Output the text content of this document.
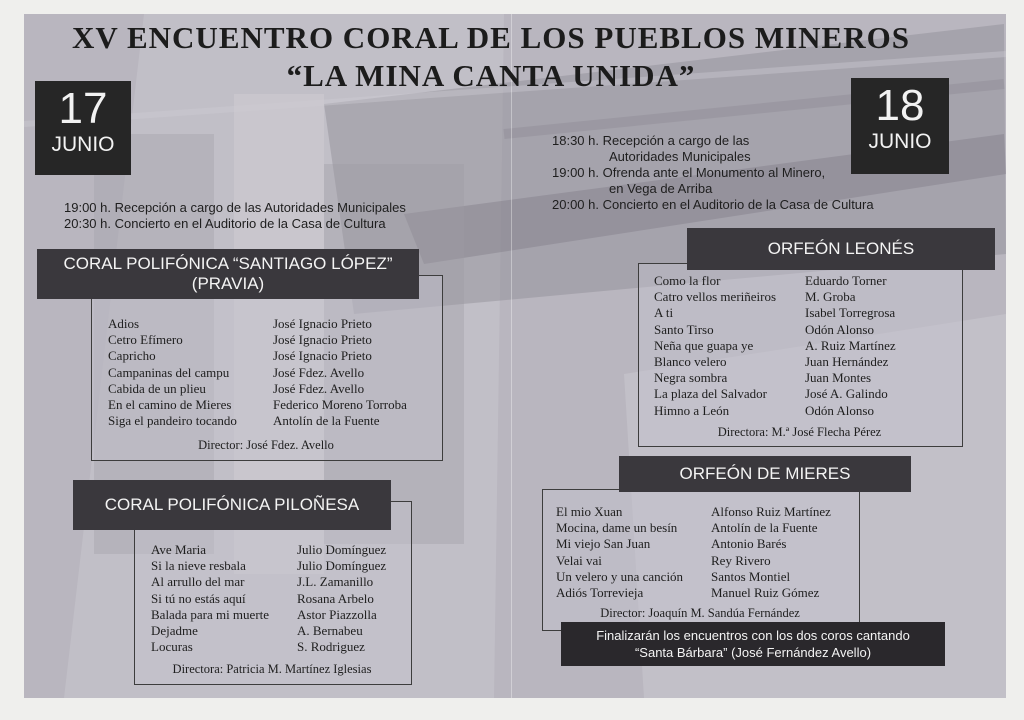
XV ENCUENTRO CORAL DE LOS PUEBLOS MINEROS
“LA MINA CANTA UNIDA”
17
JUNIO
19:00 h. Recepción a cargo de las Autoridades Municipales
20:30 h. Concierto en el Auditorio de la Casa de Cultura
18
JUNIO
18:30 h. Recepción a cargo de las
Autoridades Municipales
19:00 h. Ofrenda ante el Monumento al Minero,
en Vega de Arriba
20:00 h. Concierto en el Auditorio de la Casa de Cultura
CORAL POLIFÓNICA “SANTIAGO LÓPEZ”
(PRAVIA)
Adios
Cetro Efímero
Capricho
Campaninas del campu
Cabida de un plieu
En el camino de Mieres
Siga el pandeiro tocando
José Ignacio Prieto
José Ignacio Prieto
José Ignacio Prieto
José Fdez. Avello
José Fdez. Avello
Federico Moreno Torroba
Antolín de la Fuente
Director: José Fdez. Avello
CORAL POLIFÓNICA PILOÑESA
Ave Maria
Si la nieve resbala
Al arrullo del mar
Si tú no estás aquí
Balada para mi muerte
Dejadme
Locuras
Julio Domínguez
Julio Domínguez
J.L. Zamanillo
Rosana Arbelo
Astor Piazzolla
A. Bernabeu
S. Rodriguez
Directora: Patricia M. Martínez Iglesias
ORFEÓN LEONÉS
Como la flor
Catro vellos meriñeiros
A ti
Santo Tirso
Neña que guapa ye
Blanco velero
Negra sombra
La plaza del Salvador
Himno a León
Eduardo Torner
M. Groba
Isabel Torregrosa
Odón Alonso
A. Ruiz Martínez
Juan Hernández
Juan Montes
José A. Galindo
Odón Alonso
Directora: M.ª José Flecha Pérez
ORFEÓN DE MIERES
El mio Xuan
Mocina, dame un besín
Mi viejo San Juan
Velai vai
Un velero y una canción
Adiós Torrevieja
Alfonso Ruiz Martínez
Antolín de la Fuente
Antonio Barés
Rey Rivero
Santos Montiel
Manuel Ruiz Gómez
Director: Joaquín M. Sandúa Fernández
Finalizarán los encuentros con los dos coros cantando
“Santa Bárbara” (José Fernández Avello)
